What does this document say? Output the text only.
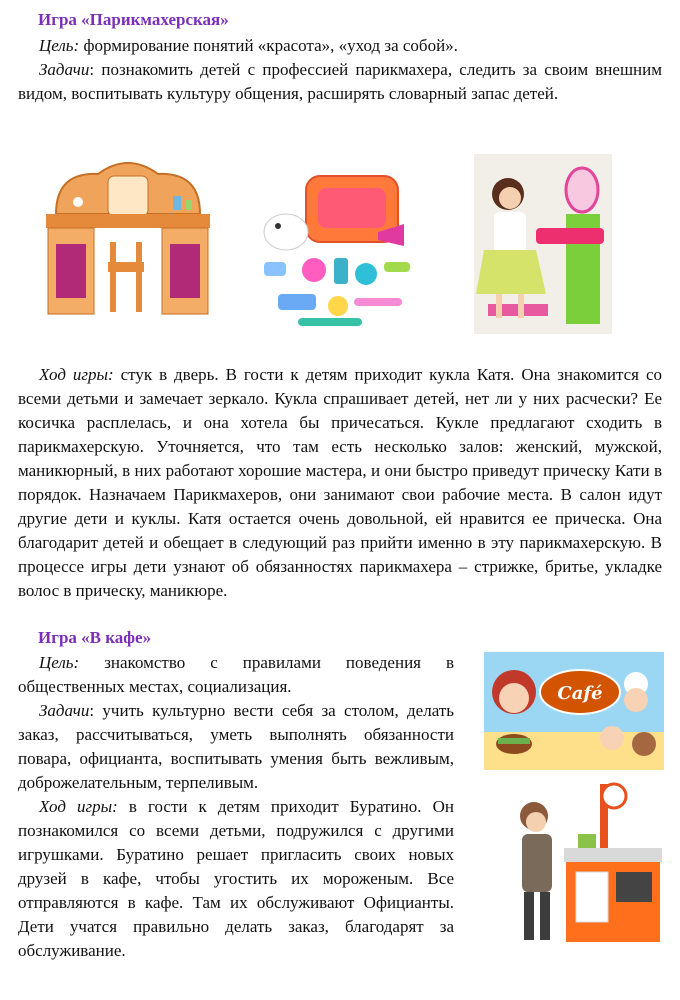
Игра «Парикмахерская»

Цель: формирование понятий «красота», «уход за собой».

Задачи: познакомить детей с профессией парикмахера, следить за своим внешним видом, воспитывать культуру общения, расширять словарный запас детей.

Ход игры: стук в дверь. В гости к детям приходит кукла Катя. Она знакомится со всеми детьми и замечает зеркало. Кукла спрашивает детей, нет ли у них расчески? Ее косичка расплелась, и она хотела бы причесаться. Кукле предлагают сходить в парикмахерскую. Уточняется, что там есть несколько залов: женский, мужской, маникюрный, в них работают хорошие мастера, и они быстро приведут прическу Кати в порядок. Назначаем Парикмахеров, они занимают свои рабочие места. В салон идут другие дети и куклы. Катя остается очень довольной, ей нравится ее прическа. Она благодарит детей и обещает в следующий раз прийти именно в эту парикмахерскую. В процессе игры дети узнают об обязанностях парикмахера – стрижке, бритье, укладке волос в прическу, маникюре.

Игра «В кафе»

Цель: знакомство с правилами поведения в общественных местах, социализация.

Задачи: учить культурно вести себя за столом, делать заказ, рассчитываться, уметь выполнять обязанности повара, официанта, воспитывать умения быть вежливым, доброжелательным, терпеливым.

Ход игры: в гости к детям приходит Буратино. Он познакомился со всеми детьми, подружился с другими игрушками. Буратино решает пригласить своих новых друзей в кафе, чтобы угостить их мороженым. Все отправляются в кафе. Там их обслуживают Официанты. Дети учатся правильно делать заказ, благодарят за обслуживание.

Café
